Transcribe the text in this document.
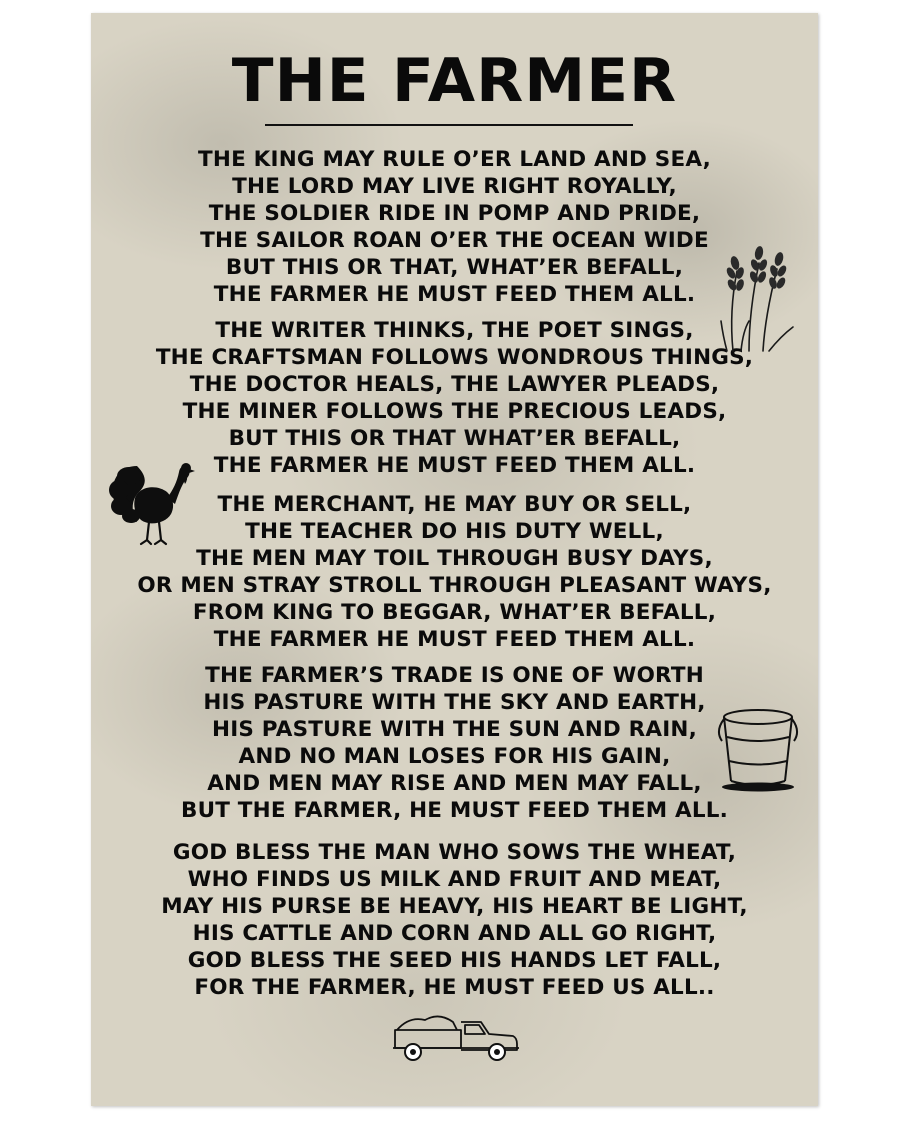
THE FARMER
THE KING MAY RULE O’ER LAND AND SEA,
THE LORD MAY LIVE RIGHT ROYALLY,
THE SOLDIER RIDE IN POMP AND PRIDE,
THE SAILOR ROAN O’ER THE OCEAN WIDE
BUT THIS OR THAT, WHAT’ER BEFALL,
THE FARMER HE MUST FEED THEM ALL.
THE WRITER THINKS, THE POET SINGS,
THE CRAFTSMAN FOLLOWS WONDROUS THINGS,
THE DOCTOR HEALS, THE LAWYER PLEADS,
THE MINER FOLLOWS THE PRECIOUS LEADS,
BUT THIS OR THAT WHAT’ER BEFALL,
THE FARMER HE MUST FEED THEM ALL.
THE MERCHANT, HE MAY BUY OR SELL,
THE TEACHER DO HIS DUTY WELL,
THE MEN MAY TOIL THROUGH BUSY DAYS,
OR MEN STRAY STROLL THROUGH PLEASANT WAYS,
FROM KING TO BEGGAR, WHAT’ER BEFALL,
THE FARMER HE MUST FEED THEM ALL.
THE FARMER’S TRADE IS ONE OF WORTH
HIS PASTURE WITH THE SKY AND EARTH,
HIS PASTURE WITH THE SUN AND RAIN,
AND NO MAN LOSES FOR HIS GAIN,
AND MEN MAY RISE AND MEN MAY FALL,
BUT THE FARMER, HE MUST FEED THEM ALL.
GOD BLESS THE MAN WHO SOWS THE WHEAT,
WHO FINDS US MILK AND FRUIT AND MEAT,
MAY HIS PURSE BE HEAVY, HIS HEART BE LIGHT,
HIS CATTLE AND CORN AND ALL GO RIGHT,
GOD BLESS THE SEED HIS HANDS LET FALL,
FOR THE FARMER, HE MUST FEED US ALL..
